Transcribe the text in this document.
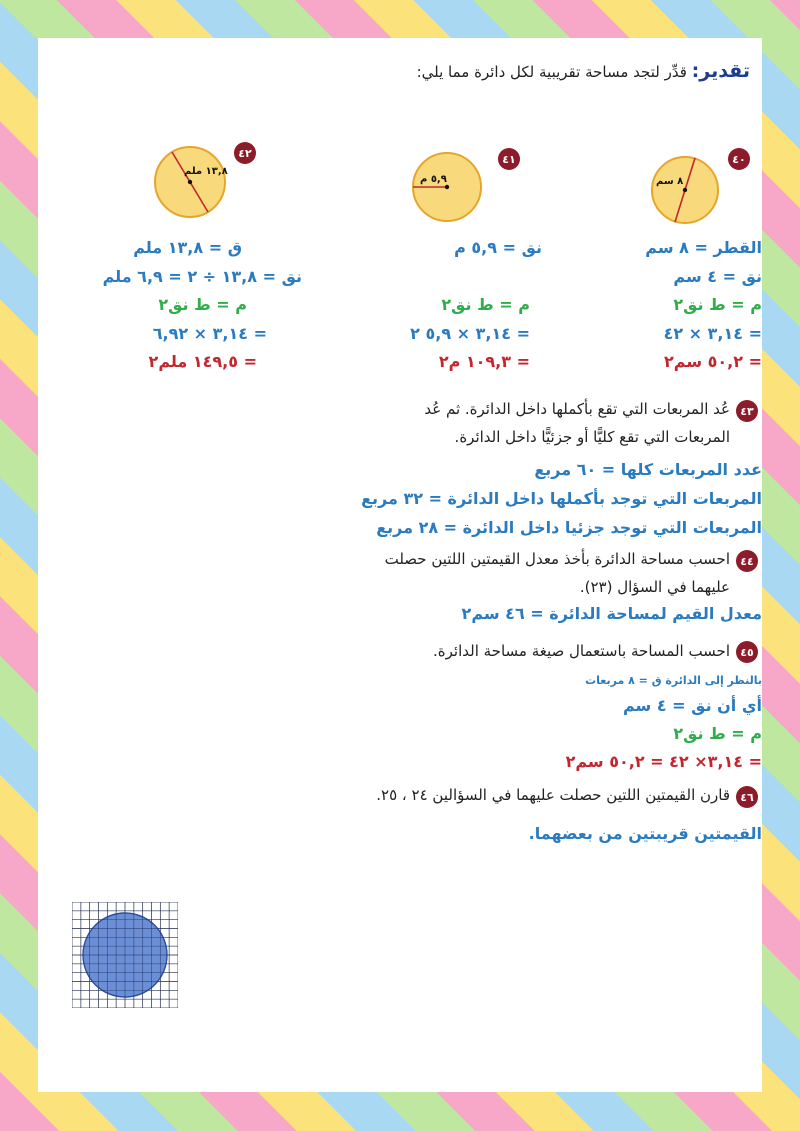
تقدير: قدِّر لتجد مساحة تقريبية لكل دائرة مما يلي:
٤٠
٨ سم
٤١
٥,٩ م
٤٢
١٣,٨ ملم
القطر = ٨ سم
نق = ٤ سم
م = ط نق٢
= ٣,١٤ × ٤٢
= ٥٠,٢ سم٢
نق = ٥,٩ م
م = ط نق٢
= ٣,١٤ × ٥,٩ ٢
= ١٠٩,٣ م٢
ق = ١٣,٨ ملم
نق = ١٣,٨ ÷ ٢ = ٦,٩ ملم
م = ط نق٢
= ٣,١٤ × ٦,٩٢
= ١٤٩,٥ ملم٢
٤٣
عُد المربعات التي تقع بأكملها داخل الدائرة. ثم عُد
المربعات التي تقع كليًّا أو جزئيًّا داخل الدائرة.
عدد المربعات كلها = ٦٠ مربع
المربعات التي توجد بأكملها داخل الدائرة = ٣٢ مربع
المربعات التي توجد جزئيا داخل الدائرة = ٢٨ مربع
٤٤
احسب مساحة الدائرة بأخذ معدل القيمتين اللتين حصلت
عليهما في السؤال (٢٣).
معدل القيم لمساحة الدائرة = ٤٦ سم٢
٤٥
احسب المساحة باستعمال صيغة مساحة الدائرة.
بالنظر إلى الدائرة ق = ٨ مربعات
أي أن نق = ٤ سم
م = ط نق٢
= ٣,١٤× ٤٢ = ٥٠,٢ سم٢
٤٦
قارن القيمتين اللتين حصلت عليهما في السؤالين ٢٤ ، ٢٥.
القيمتين قريبتين من بعضهما.
